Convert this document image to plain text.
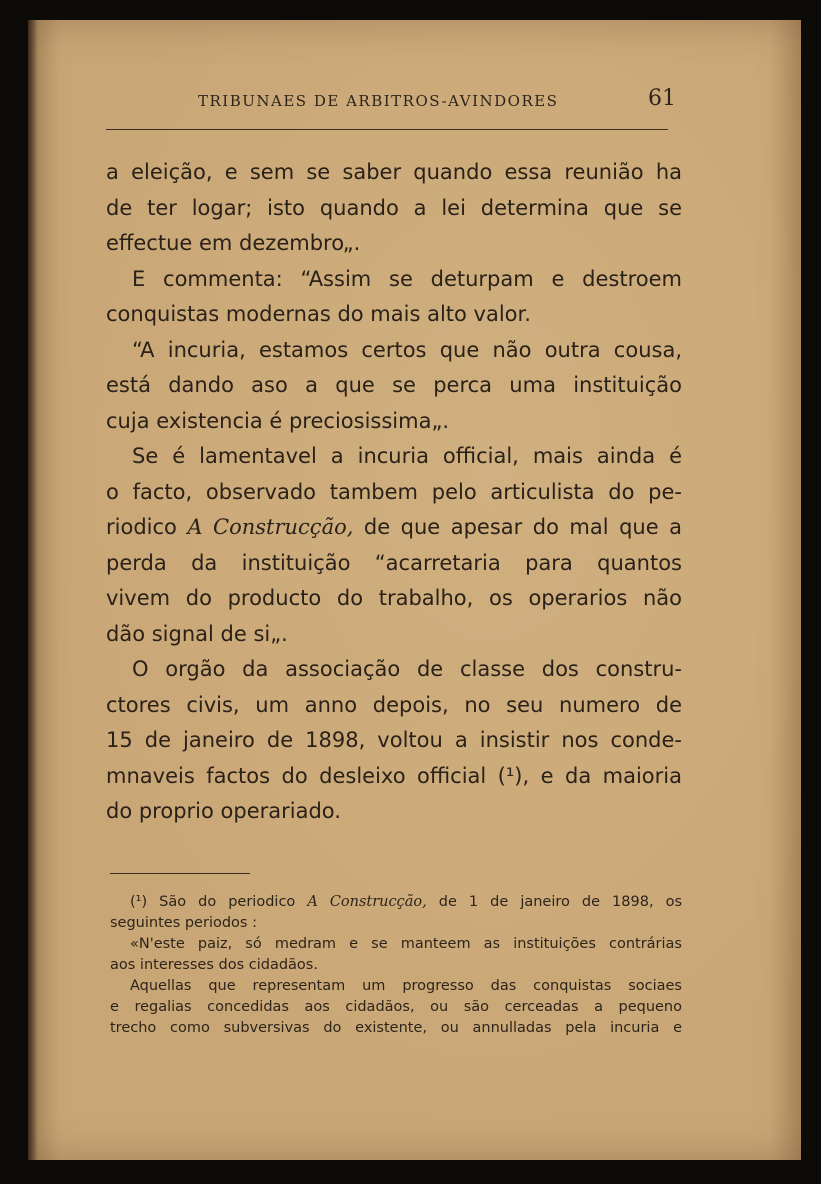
TRIBUNAES DE ARBITROS-AVINDORES	61
a eleição, e sem se saber quando essa reunião ha
de ter logar; isto quando a lei determina que se
effectue em dezembro„.
E commenta: “Assim se deturpam e destroem
conquistas modernas do mais alto valor.
“A incuria, estamos certos que não outra cousa,
está dando aso a que se perca uma instituição
cuja existencia é preciosissima„.
Se é lamentavel a incuria official, mais ainda é
o facto, observado tambem pelo articulista do pe-
riodico A Construcção, de que apesar do mal que a
perda da instituição “acarretaria para quantos
vivem do producto do trabalho, os operarios não
dão signal de si„.
O orgão da associação de classe dos constru-
ctores civis, um anno depois, no seu numero de
15 de janeiro de 1898, voltou a insistir nos conde-
mnaveis factos do desleixo official (¹), e da maioria
do proprio operariado.
(¹) São do periodico A Construcção, de 1 de janeiro de 1898, os
seguintes periodos :
«N'este paiz, só medram e se manteem as instituições contrárias
aos interesses dos cidadãos.
Aquellas que representam um progresso das conquistas sociaes
e regalias concedidas aos cidadãos, ou são cerceadas a pequeno
trecho como subversivas do existente, ou annulladas pela incuria e
